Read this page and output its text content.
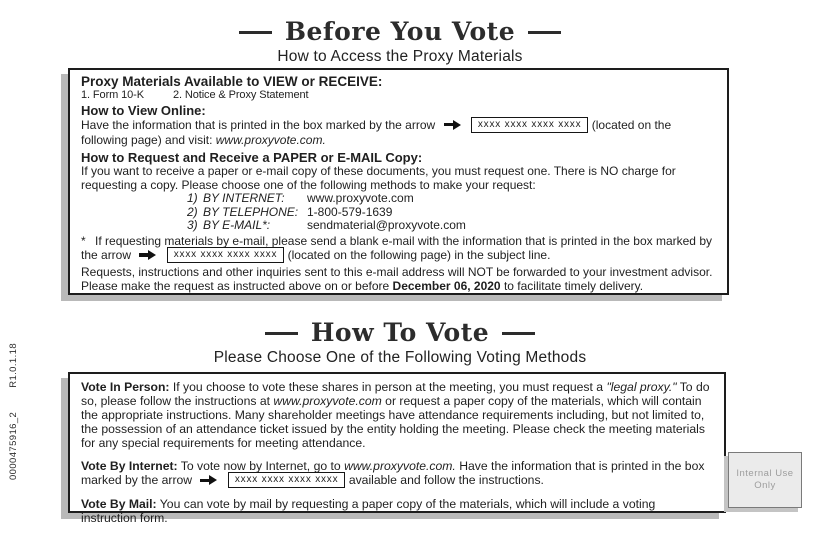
Before You Vote
How to Access the Proxy Materials

Proxy Materials Available to VIEW or RECEIVE:

1. Form 10-K	2. Notice & Proxy Statement

How to View Online:

Have the information that is printed in the box marked by the arrow	xxxx xxxx xxxx xxxx (located on the following page) and visit: www.proxyvote.com.

How to Request and Receive a PAPER or E-MAIL Copy:

If you want to receive a paper or e-mail copy of these documents, you must request one. There is NO charge for requesting a copy. Please choose one of the following methods to make your request:

1) BY INTERNET: www.proxyvote.com
2) BY TELEPHONE: 1-800-579-1639
3) BY E-MAIL*:	sendmaterial@proxyvote.com

* If requesting materials by e-mail, please send a blank e-mail with the information that is printed in the box marked by the arrow	xxxx xxxx xxxx xxxx (located on the following page) in the subject line.

Requests, instructions and other inquiries sent to this e-mail address will NOT be forwarded to your investment advisor. Please make the request as instructed above on or before December 06, 2020 to facilitate timely delivery.

How To Vote
Please Choose One of the Following Voting Methods

Vote In Person: If you choose to vote these shares in person at the meeting, you must request a "legal proxy." To do so, please follow the instructions at www.proxyvote.com or request a paper copy of the materials, which will contain the appropriate instructions. Many shareholder meetings have attendance requirements including, but not limited to, the possession of an attendance ticket issued by the entity holding the meeting. Please check the meeting materials for any special requirements for meeting attendance.

Vote By Internet: To vote now by Internet, go to www.proxyvote.com. Have the information that is printed in the box marked by the arrow	xxxx xxxx xxxx xxxx available and follow the instructions.

Vote By Mail: You can vote by mail by requesting a paper copy of the materials, which will include a voting instruction form.

0000475916_2R1.0.1.18
Internal Use
Only
